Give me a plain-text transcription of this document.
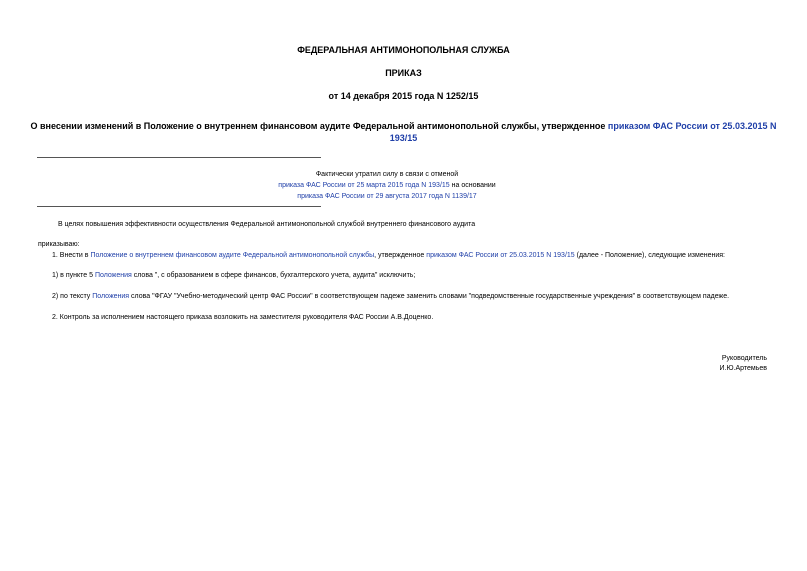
ФЕДЕРАЛЬНАЯ АНТИМОНОПОЛЬНАЯ СЛУЖБА
ПРИКАЗ
от 14 декабря 2015 года N 1252/15
О внесении изменений в Положение о внутреннем финансовом аудите Федеральной антимонопольной службы, утвержденное приказом ФАС России от 25.03.2015 N 193/15
Фактически утратил силу в связи с отменой
приказа ФАС России от 25 марта 2015 года N 193/15 на основании
приказа ФАС России от 29 августа 2017 года N 1139/17
В целях повышения эффективности осуществления Федеральной антимонопольной службой внутреннего финансового аудита
приказываю:
1. Внести в Положение о внутреннем финансовом аудите Федеральной антимонопольной службы, утвержденное приказом ФАС России от 25.03.2015 N 193/15 (далее - Положение), следующие изменения:
1) в пункте 5 Положения слова ", с образованием в сфере финансов, бухгалтерского учета, аудита" исключить;
2) по тексту Положения слова "ФГАУ "Учебно-методический центр ФАС России" в соответствующем падеже заменить словами "подведомственные государственные учреждения" в соответствующем падеже.
2. Контроль за исполнением настоящего приказа возложить на заместителя руководителя ФАС России А.В.Доценко.
Руководитель
И.Ю.Артемьев
